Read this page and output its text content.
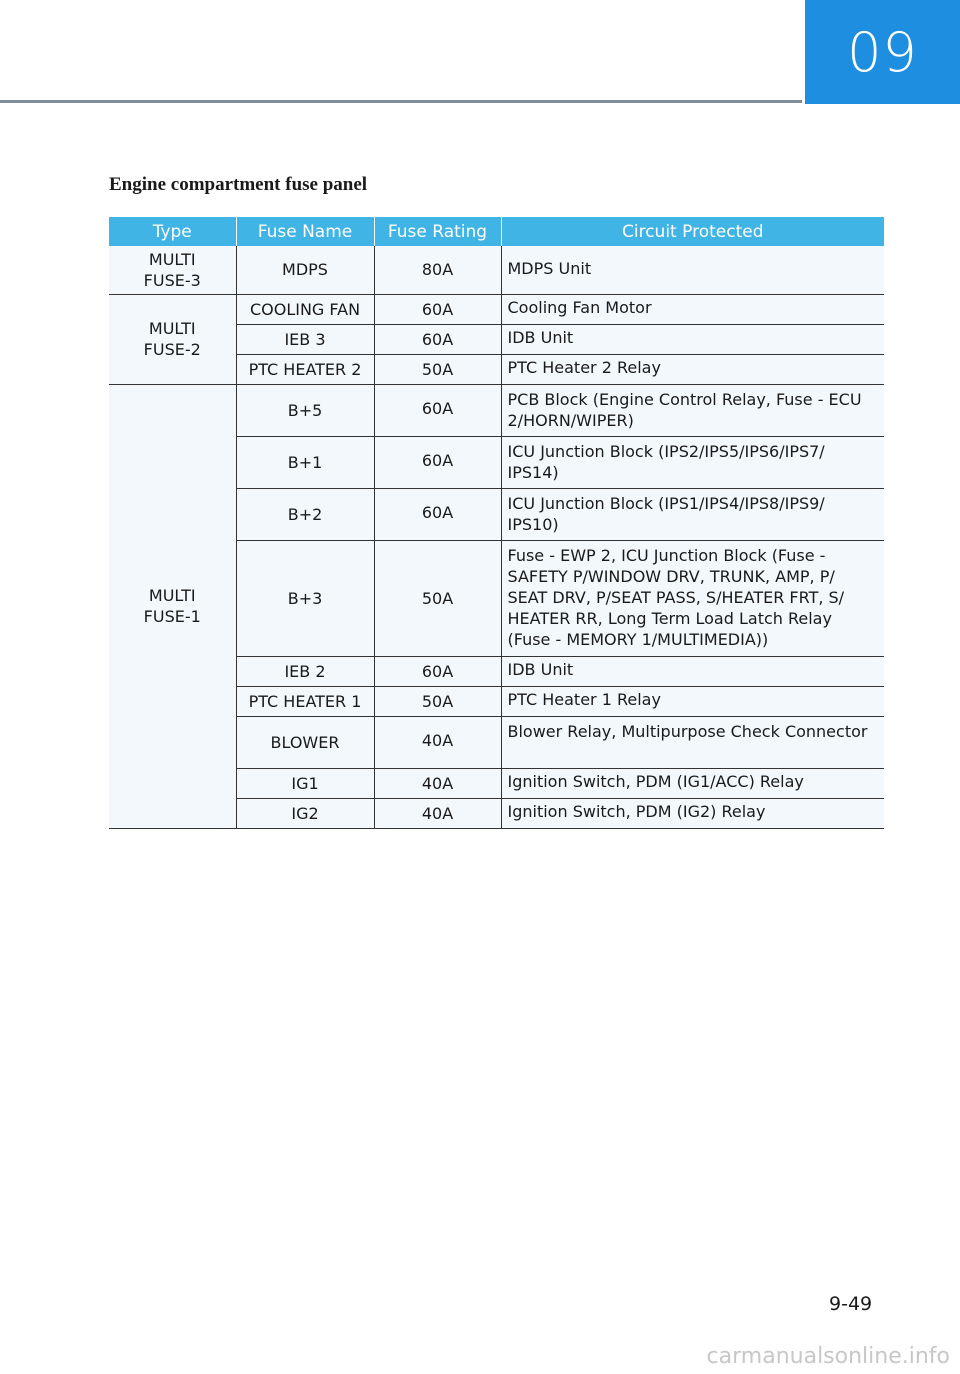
09
Engine compartment fuse panel
Type	Fuse Name	Fuse Rating	Circuit Protected
MULTI FUSE-3	MDPS	80A	MDPS Unit
MULTI FUSE-2	COOLING FAN	60A	Cooling Fan Motor
	IEB 3	60A	IDB Unit
	PTC HEATER 2	50A	PTC Heater 2 Relay
MULTI FUSE-1	B+5	60A	PCB Block (Engine Control Relay, Fuse - ECU 2/HORN/WIPER)
	B+1	60A	ICU Junction Block (IPS2/IPS5/IPS6/IPS7/ IPS14)
	B+2	60A	ICU Junction Block (IPS1/IPS4/IPS8/IPS9/ IPS10)
	B+3	50A	Fuse - EWP 2, ICU Junction Block (Fuse - SAFETY P/WINDOW DRV, TRUNK, AMP, P/ SEAT DRV, P/SEAT PASS, S/HEATER FRT, S/ HEATER RR, Long Term Load Latch Relay (Fuse - MEMORY 1/MULTIMEDIA))
	IEB 2	60A	IDB Unit
	PTC HEATER 1	50A	PTC Heater 1 Relay
	BLOWER	40A	Blower Relay, Multipurpose Check Connector
	IG1	40A	Ignition Switch, PDM (IG1/ACC) Relay
	IG2	40A	Ignition Switch, PDM (IG2) Relay
9-49
carmanualsonline.info
